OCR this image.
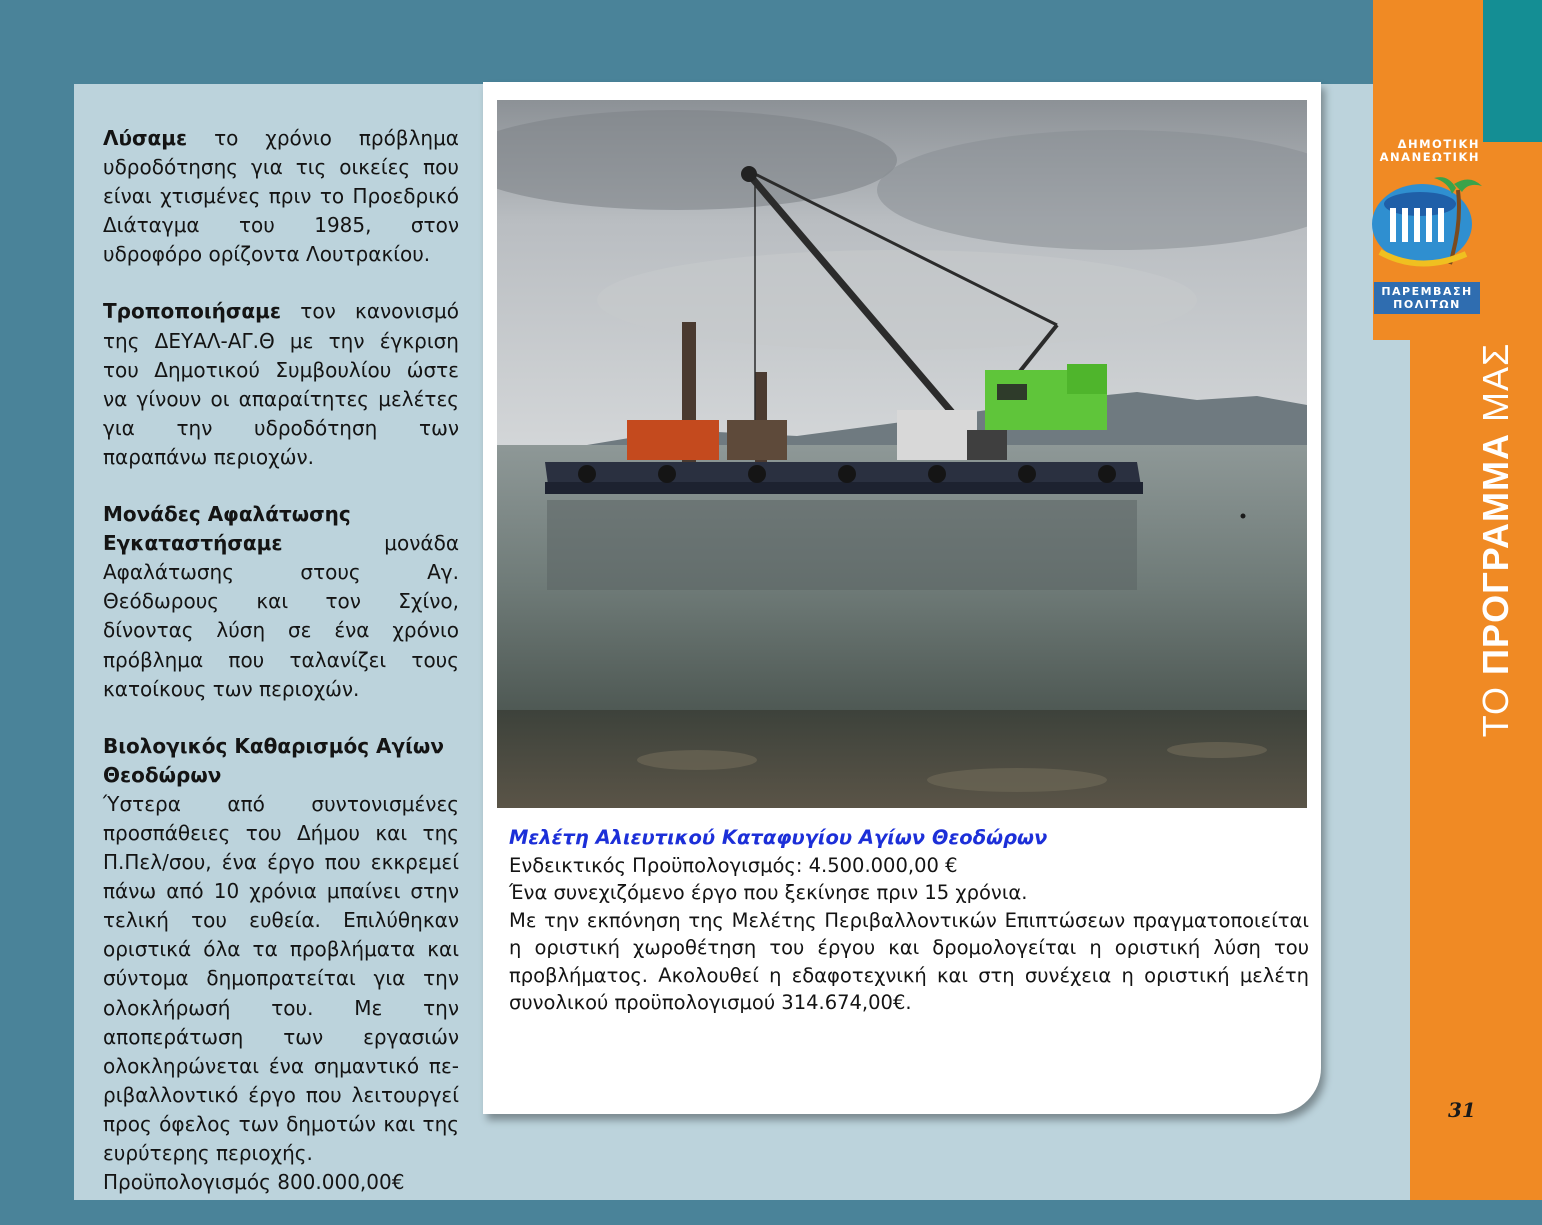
Λύσαμε το χρόνιο πρόβλημα υδροδότησης για τις οικείες που είναι χτισμένες πριν το Προεδρικό Διάταγμα του 1985, στον υδροφόρο ορίζοντα Λουτρακίου.

Τροποποιήσαμε τον κανονισμό της ΔΕΥΑΛ-ΑΓ.Θ με την έγκριση του Δημοτικού Συμβουλίου ώστε να γίνουν οι απαραίτητες μελέτες για την υδροδότηση των παραπάνω περιοχών.

Μονάδες Αφαλάτωσης
Εγκαταστήσαμε μονάδα Αφαλάτωσης στους Αγ. Θεόδωρους και τον Σχίνο, δίνοντας λύση σε ένα χρόνιο πρόβλημα που ταλανίζει τους κατοίκους των περιοχών.

Βιολογικός Καθαρισμός Αγίων Θεοδώρων
Ύστερα από συντονισμένες προσπάθειες του Δήμου και της Π.Πελ/σου, ένα έργο που εκκρεμεί πάνω από 10 χρόνια μπαίνει στην τελική του ευθεία. Επιλύθηκαν οριστικά όλα τα προβλήματα και σύντομα δημοπρατείται για την ολοκλήρωσή του. Με την αποπεράτωση των εργασιών ολοκληρώνεται ένα σημαντικό περιβαλλοντικό έργο που λειτουργεί προς όφελος των δημοτών και της ευρύτερης περιοχής.
Προϋπολογισμός 800.000,00€

Μελέτη Αλιευτικού Καταφυγίου Αγίων Θεοδώρων
Ενδεικτικός Προϋπολογισμός: 4.500.000,00 €
Ένα συνεχιζόμενο έργο που ξεκίνησε πριν 15 χρόνια.
Με την εκπόνηση της Μελέτης Περιβαλλοντικών Επιπτώσεων πραγματοποιείται η οριστική χωροθέτηση του έργου και δρομολογείται η οριστική λύση του προβλήματος. Ακολουθεί η εδαφοτεχνική και στη συνέχεια η οριστική μελέτη συνολικού προϋπολογισμού 314.674,00€.
ΔΗΜΟΤΙΚΗ
ΑΝΑΝΕΩΤΙΚΗ
ΠΑΡΕΜΒΑΣΗ
ΠΟΛΙΤΩΝ
ΤΟ ΠΡΟΓΡΑΜΜΑ ΜΑΣ
31
